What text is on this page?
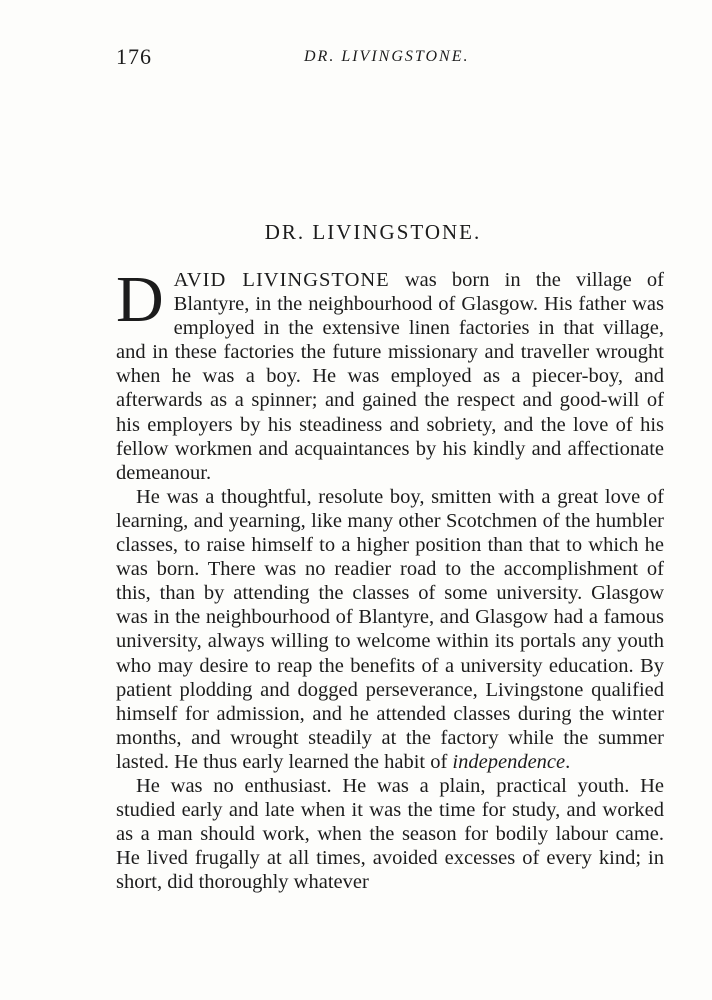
176	DR. LIVINGSTONE.
DR. LIVINGSTONE.

DAVID LIVINGSTONE was born in the village of Blantyre, in the neighbourhood of Glasgow. His father was employed in the extensive linen factories in that village, and in these factories the future missionary and traveller wrought when he was a boy. He was employed as a piecer-boy, and afterwards as a spinner; and gained the respect and good-will of his employers by his steadiness and sobriety, and the love of his fellow workmen and acquaintances by his kindly and affectionate demeanour.

He was a thoughtful, resolute boy, smitten with a great love of learning, and yearning, like many other Scotchmen of the humbler classes, to raise himself to a higher position than that to which he was born. There was no readier road to the accomplishment of this, than by attending the classes of some university. Glasgow was in the neighbourhood of Blantyre, and Glasgow had a famous university, always willing to welcome within its portals any youth who may desire to reap the benefits of a university education. By patient plodding and dogged perseverance, Livingstone qualified himself for admission, and he attended classes during the winter months, and wrought steadily at the factory while the summer lasted. He thus early learned the habit of independence.

He was no enthusiast. He was a plain, practical youth. He studied early and late when it was the time for study, and worked as a man should work, when the season for bodily labour came. He lived frugally at all times, avoided excesses of every kind; in short, did thoroughly whatever
